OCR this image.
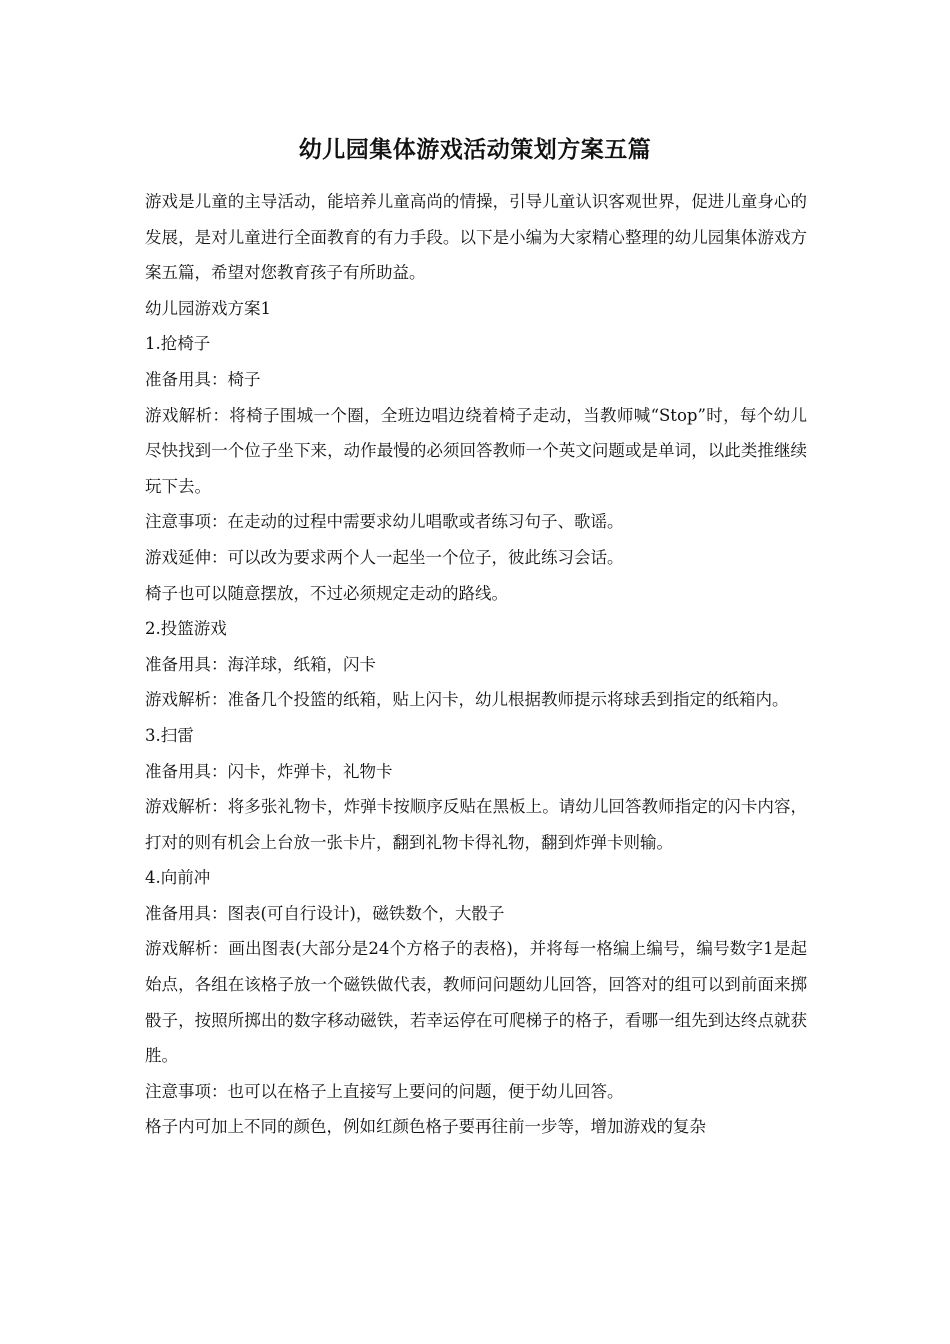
幼儿园集体游戏活动策划方案五篇

游戏是儿童的主导活动，能培养儿童高尚的情操，引导儿童认识客观世界，促进儿童身心的发展，是对儿童进行全面教育的有力手段。以下是小编为大家精心整理的幼儿园集体游戏方案五篇，希望对您教育孩子有所助益。

幼儿园游戏方案1

1.抢椅子

准备用具：椅子

游戏解析：将椅子围城一个圈，全班边唱边绕着椅子走动，当教师喊“Stop”时，每个幼儿尽快找到一个位子坐下来，动作最慢的必须回答教师一个英文问题或是单词，以此类推继续玩下去。

注意事项：在走动的过程中需要求幼儿唱歌或者练习句子、歌谣。

游戏延伸：可以改为要求两个人一起坐一个位子，彼此练习会话。

椅子也可以随意摆放，不过必须规定走动的路线。

2.投篮游戏

准备用具：海洋球，纸箱，闪卡

游戏解析：准备几个投篮的纸箱，贴上闪卡，幼儿根据教师提示将球丢到指定的纸箱内。

3.扫雷

准备用具：闪卡，炸弹卡，礼物卡

游戏解析：将多张礼物卡，炸弹卡按顺序反贴在黑板上。请幼儿回答教师指定的闪卡内容，打对的则有机会上台放一张卡片，翻到礼物卡得礼物，翻到炸弹卡则输。

4.向前冲

准备用具：图表(可自行设计)，磁铁数个，大骰子

游戏解析：画出图表(大部分是24个方格子的表格)，并将每一格编上编号，编号数字1是起始点，各组在该格子放一个磁铁做代表，教师问问题幼儿回答，回答对的组可以到前面来掷骰子，按照所掷出的数字移动磁铁，若幸运停在可爬梯子的格子，看哪一组先到达终点就获胜。

注意事项：也可以在格子上直接写上要问的问题，便于幼儿回答。

格子内可加上不同的颜色，例如红颜色格子要再往前一步等，增加游戏的复杂
